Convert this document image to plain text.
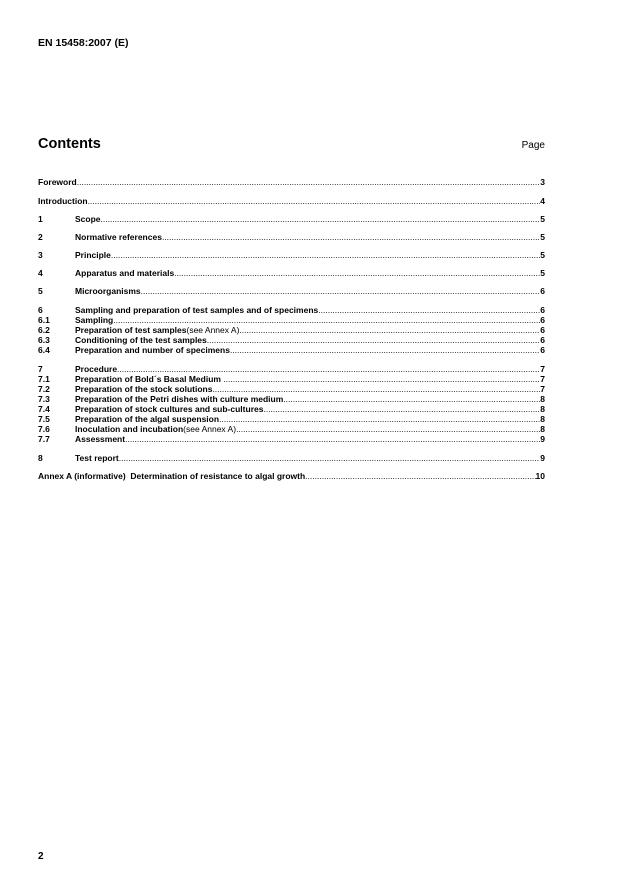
EN 15458:2007 (E)
Contents	Page
Foreword .....	3
Introduction .....	4
1	Scope .....	5
2	Normative references .....	5
3	Principle .....	5
4	Apparatus and materials .....	5
5	Microorganisms .....	6
6	Sampling and preparation of test samples and of specimens .....	6
6.1	Sampling .....	6
6.2	Preparation of test samples (see Annex A) .....	6
6.3	Conditioning of the test samples .....	6
6.4	Preparation and number of specimens .....	6
7	Procedure .....	7
7.1	Preparation of Bold´s Basal Medium .....	7
7.2	Preparation of the stock solutions .....	7
7.3	Preparation of the Petri dishes with culture medium .....	8
7.4	Preparation of stock cultures and sub-cultures .....	8
7.5	Preparation of the algal suspension .....	8
7.6	Inoculation and incubation (see Annex A) .....	8
7.7	Assessment .....	9
8	Test report .....	9
Annex A (informative)  Determination of resistance to algal growth .....	10
2
